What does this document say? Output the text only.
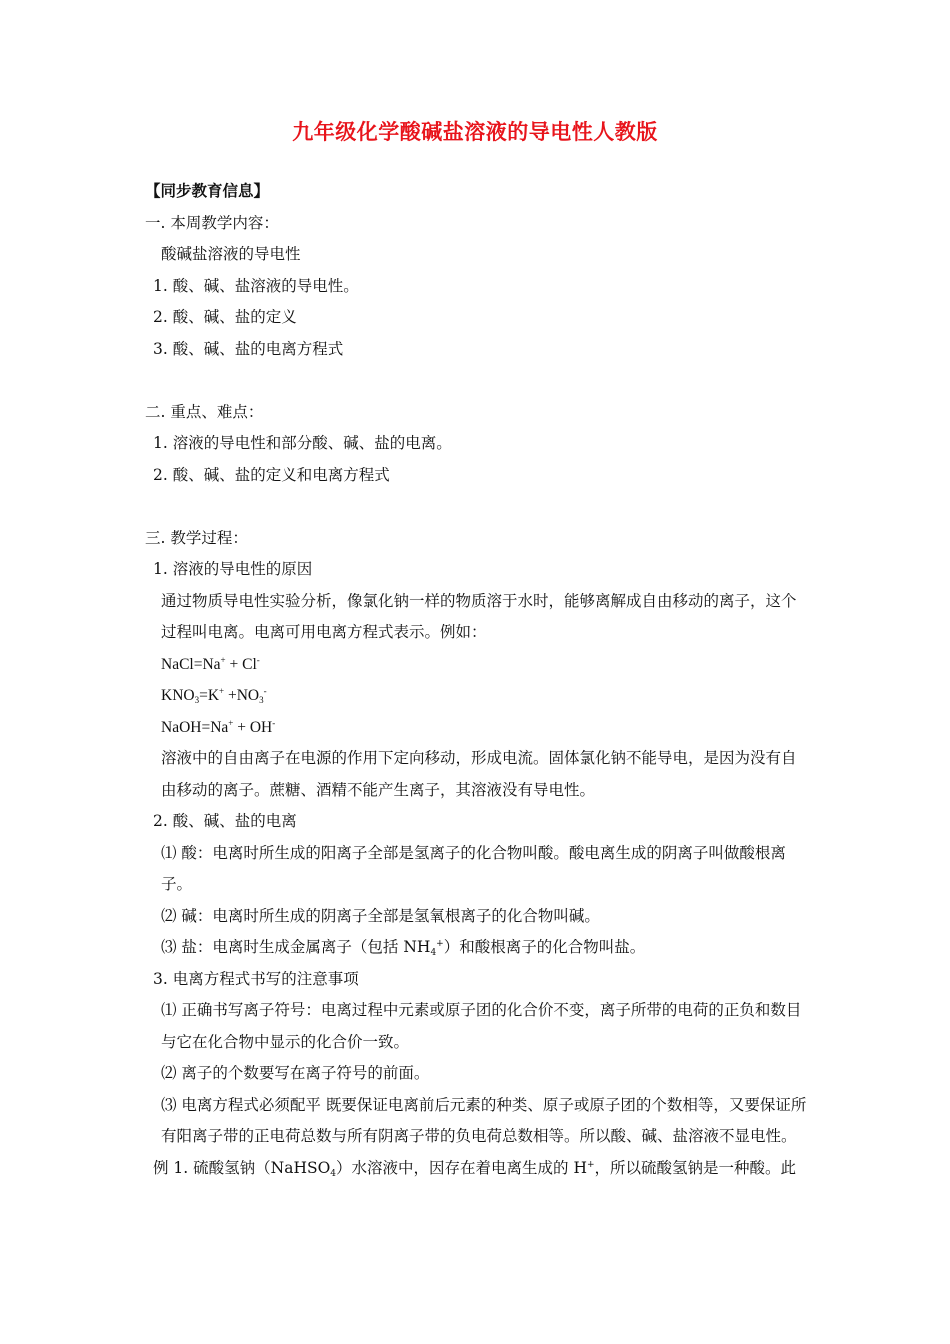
九年级化学酸碱盐溶液的导电性人教版
【同步教育信息】
一. 本周教学内容：
酸碱盐溶液的导电性
1. 酸、碱、盐溶液的导电性。
2. 酸、碱、盐的定义
3. 酸、碱、盐的电离方程式
二. 重点、难点：
1. 溶液的导电性和部分酸、碱、盐的电离。
2. 酸、碱、盐的定义和电离方程式
三. 教学过程：
1. 溶液的导电性的原因
通过物质导电性实验分析，像氯化钠一样的物质溶于水时，能够离解成自由移动的离子，这个过程叫电离。电离可用电离方程式表示。例如：
NaCl=Na+ + Cl-
$KNO_3=K^+ +NO_3^-$
NaOH=Na+ + OH-
溶液中的自由离子在电源的作用下定向移动，形成电流。固体氯化钠不能导电，是因为没有自由移动的离子。蔗糖、酒精不能产生离子，其溶液没有导电性。
2. 酸、碱、盐的电离
⑴ 酸：电离时所生成的阳离子全部是氢离子的化合物叫酸。酸电离生成的阴离子叫做酸根离子。
⑵ 碱：电离时所生成的阴离子全部是氢氧根离子的化合物叫碱。
⑶ 盐：电离时生成金属离子（包括 $NH_4^+$）和酸根离子的化合物叫盐。
3. 电离方程式书写的注意事项
⑴ 正确书写离子符号：电离过程中元素或原子团的化合价不变，离子所带的电荷的正负和数目与它在化合物中显示的化合价一致。
⑵ 离子的个数要写在离子符号的前面。
⑶ 电离方程式必须配平 既要保证电离前后元素的种类、原子或原子团的个数相等，又要保证所有阳离子带的正电荷总数与所有阴离子带的负电荷总数相等。所以酸、碱、盐溶液不显电性。
例 1. 硫酸氢钠（NaHSO$_4$）水溶液中，因存在着电离生成的 H+，所以硫酸氢钠是一种酸。此
